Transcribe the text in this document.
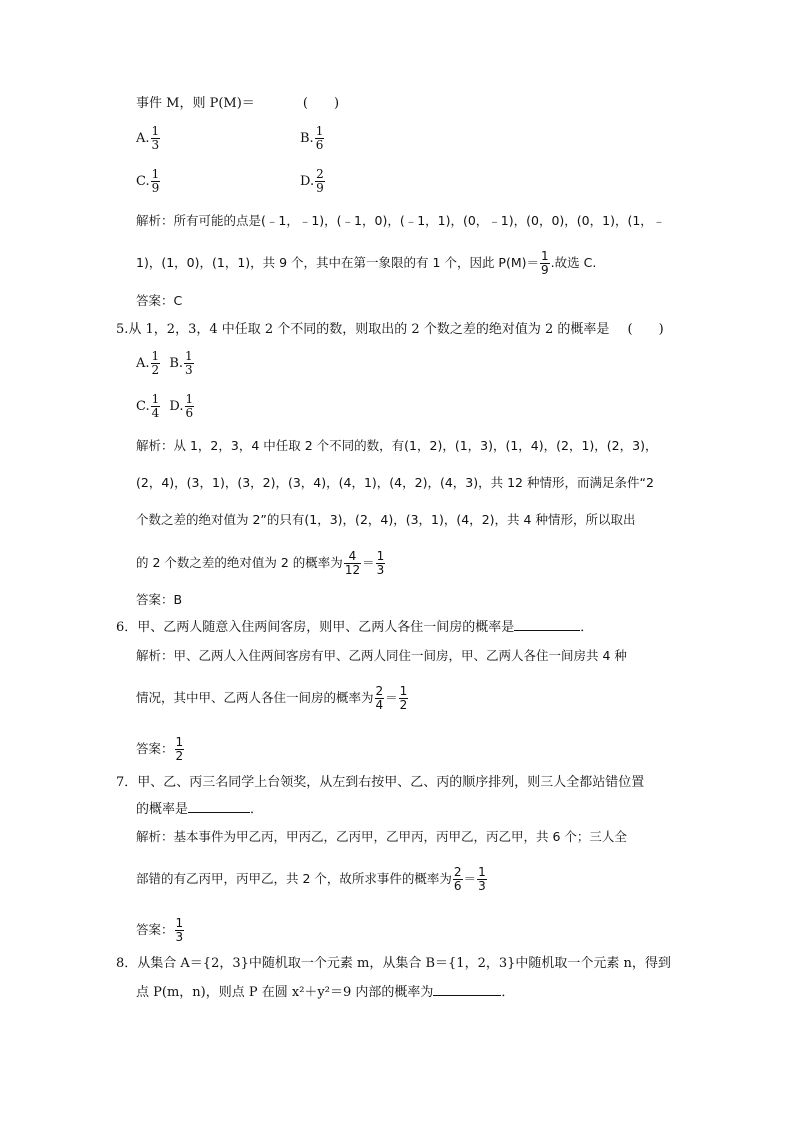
事件 M，则 P(M)＝	(　　)
A. $\frac{1}{3}$	B. $\frac{1}{6}$
C. $\frac{1}{9}$	D. $\frac{2}{9}$
解析：所有可能的点是(﹣1，﹣1)，(﹣1，0)，(﹣1，1)，(0，﹣1)，(0，0)，(0，1)，(1，﹣
1)，(1，0)，(1，1)，共 9 个，其中在第一象限的有 1 个，因此 $P(M)= \frac{1}{9}$ .故选 C.
答案：C
5.从 1，2，3，4 中任取 2 个不同的数，则取出的 2 个数之差的绝对值为 2 的概率是 (　　)
A. $\frac{1}{2} B$. $\frac{1}{3}$
C. $\frac{1}{4} D$. $\frac{1}{6}$
解析：从 1，2，3，4 中任取 2 个不同的数，有(1，2)，(1，3)，(1，4)，(2，1)，(2，3)，
(2，4)，(3，1)，(3，2)，(3，4)，(4，1)，(4，2)，(4，3)，共 12 种情形，而满足条件“2
个数之差的绝对值为 2”的只有(1，3)，(2，4)，(3，1)，(4，2)，共 4 种情形，所以取出
的 2 个数之差的绝对值为 2 的概率为 $\frac{4}{12} = \frac{1}{3}$
答案：B
6．甲、乙两人随意入住两间客房，则甲、乙两人各住一间房的概率是	．
解析：甲、乙两人入住两间客房有甲、乙两人同住一间房，甲、乙两人各住一间房共 4 种
情况，其中甲、乙两人各住一间房的概率为 $\frac{2}{4} = \frac{1}{2}$
答案： $\frac{1}{2}$
7．甲、乙、丙三名同学上台领奖，从左到右按甲、乙、丙的顺序排列，则三人全都站错位置
的概率是	．
解析：基本事件为甲乙丙，甲丙乙，乙丙甲，乙甲丙，丙甲乙，丙乙甲，共 6 个；三人全
部错的有乙丙甲，丙甲乙，共 2 个，故所求事件的概率为 $\frac{2}{6} = \frac{1}{3}$
答案： $\frac{1}{3}$
8．从集合 A＝{2，3}中随机取一个元素 m，从集合 B＝{1，2，3}中随机取一个元素 n，得到
点 P(m，n)，则点 P 在圆 x²＋y²＝9 内部的概率为	．
